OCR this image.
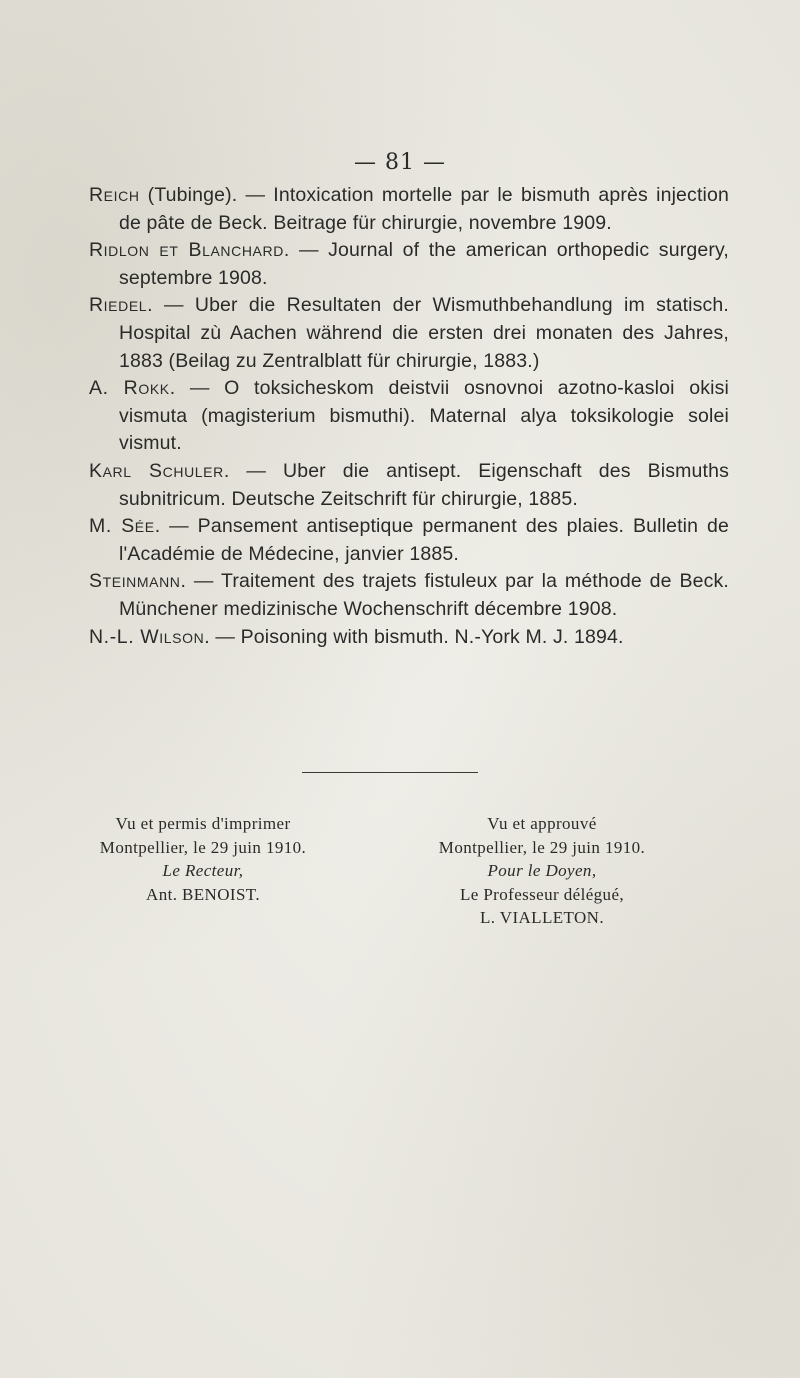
— 81 —

Reich (Tubinge). — Intoxication mortelle par le bismuth après injection de pâte de Beck. Beitrage für chirurgie, novembre 1909.

Ridlon et Blanchard. — Journal of the american orthopedic surgery, septembre 1908.

Riedel. — Uber die Resultaten der Wismuthbehandlung im statisch. Hospital zù Aachen während die ersten drei monaten des Jahres, 1883 (Beilag zu Zentralblatt für chirurgie, 1883.)

A. Rokk. — O toksicheskom deistvii osnovnoi azotno-kasloi okisi vismuta (magisterium bismuthi). Maternal alya toksikologie solei vismut.

Karl Schuler. — Uber die antisept. Eigenschaft des Bismuths subnitricum. Deutsche Zeitschrift für chirurgie, 1885.

M. Sée. — Pansement antiseptique permanent des plaies. Bulletin de l'Académie de Médecine, janvier 1885.

Steinmann. — Traitement des trajets fistuleux par la méthode de Beck. Münchener medizinische Wochenschrift décembre 1908.

N.-L. Wilson. — Poisoning with bismuth. N.-York M. J. 1894.

Vu et permis d'imprimer
Montpellier, le 29 juin 1910.
Le Recteur,
Ant. BENOIST.
Vu et approuvé
Montpellier, le 29 juin 1910.
Pour le Doyen,
Le Professeur délégué,
L. VIALLETON.
